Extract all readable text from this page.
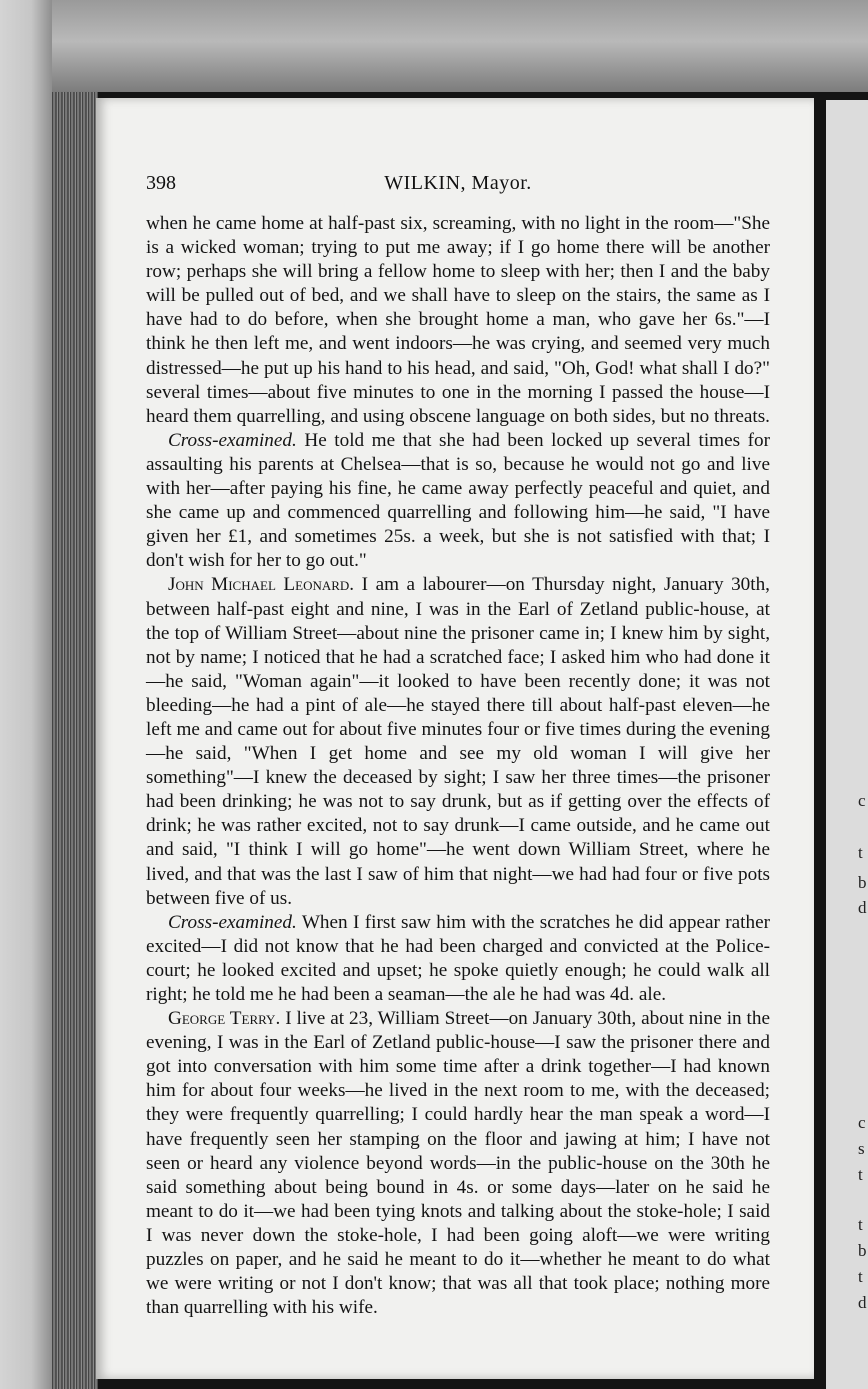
c
t
b
d
c
s
t
t
b
t
d
398	WILKIN, Mayor.

when he came home at half-past six, screaming, with no light in the room—"She is a wicked woman; trying to put me away; if I go home there will be another row; perhaps she will bring a fellow home to sleep with her; then I and the baby will be pulled out of bed, and we shall have to sleep on the stairs, the same as I have had to do before, when she brought home a man, who gave her 6s."—I think he then left me, and went indoors—he was crying, and seemed very much distressed—he put up his hand to his head, and said, "Oh, God! what shall I do?" several times—about five minutes to one in the morning I passed the house—I heard them quarrelling, and using obscene language on both sides, but no threats.

Cross-examined. He told me that she had been locked up several times for assaulting his parents at Chelsea—that is so, because he would not go and live with her—after paying his fine, he came away perfectly peaceful and quiet, and she came up and commenced quarrelling and following him—he said, "I have given her £1, and sometimes 25s. a week, but she is not satisfied with that; I don't wish for her to go out."

John Michael Leonard. I am a labourer—on Thursday night, January 30th, between half-past eight and nine, I was in the Earl of Zetland public-house, at the top of William Street—about nine the prisoner came in; I knew him by sight, not by name; I noticed that he had a scratched face; I asked him who had done it—he said, "Woman again"—it looked to have been recently done; it was not bleeding—he had a pint of ale—he stayed there till about half-past eleven—he left me and came out for about five minutes four or five times during the evening—he said, "When I get home and see my old woman I will give her something"—I knew the deceased by sight; I saw her three times—the prisoner had been drinking; he was not to say drunk, but as if getting over the effects of drink; he was rather excited, not to say drunk—I came outside, and he came out and said, "I think I will go home"—he went down William Street, where he lived, and that was the last I saw of him that night—we had had four or five pots between five of us.

Cross-examined. When I first saw him with the scratches he did appear rather excited—I did not know that he had been charged and convicted at the Police-court; he looked excited and upset; he spoke quietly enough; he could walk all right; he told me he had been a seaman—the ale he had was 4d. ale.

George Terry. I live at 23, William Street—on January 30th, about nine in the evening, I was in the Earl of Zetland public-house—I saw the prisoner there and got into conversation with him some time after a drink together—I had known him for about four weeks—he lived in the next room to me, with the deceased; they were frequently quarrelling; I could hardly hear the man speak a word—I have frequently seen her stamping on the floor and jawing at him; I have not seen or heard any violence beyond words—in the public-house on the 30th he said something about being bound in 4s. or some days—later on he said he meant to do it—we had been tying knots and talking about the stoke-hole; I said I was never down the stoke-hole, I had been going aloft—we were writing puzzles on paper, and he said he meant to do it—whether he meant to do what we were writing or not I don't know; that was all that took place; nothing more than quarrelling with his wife.
